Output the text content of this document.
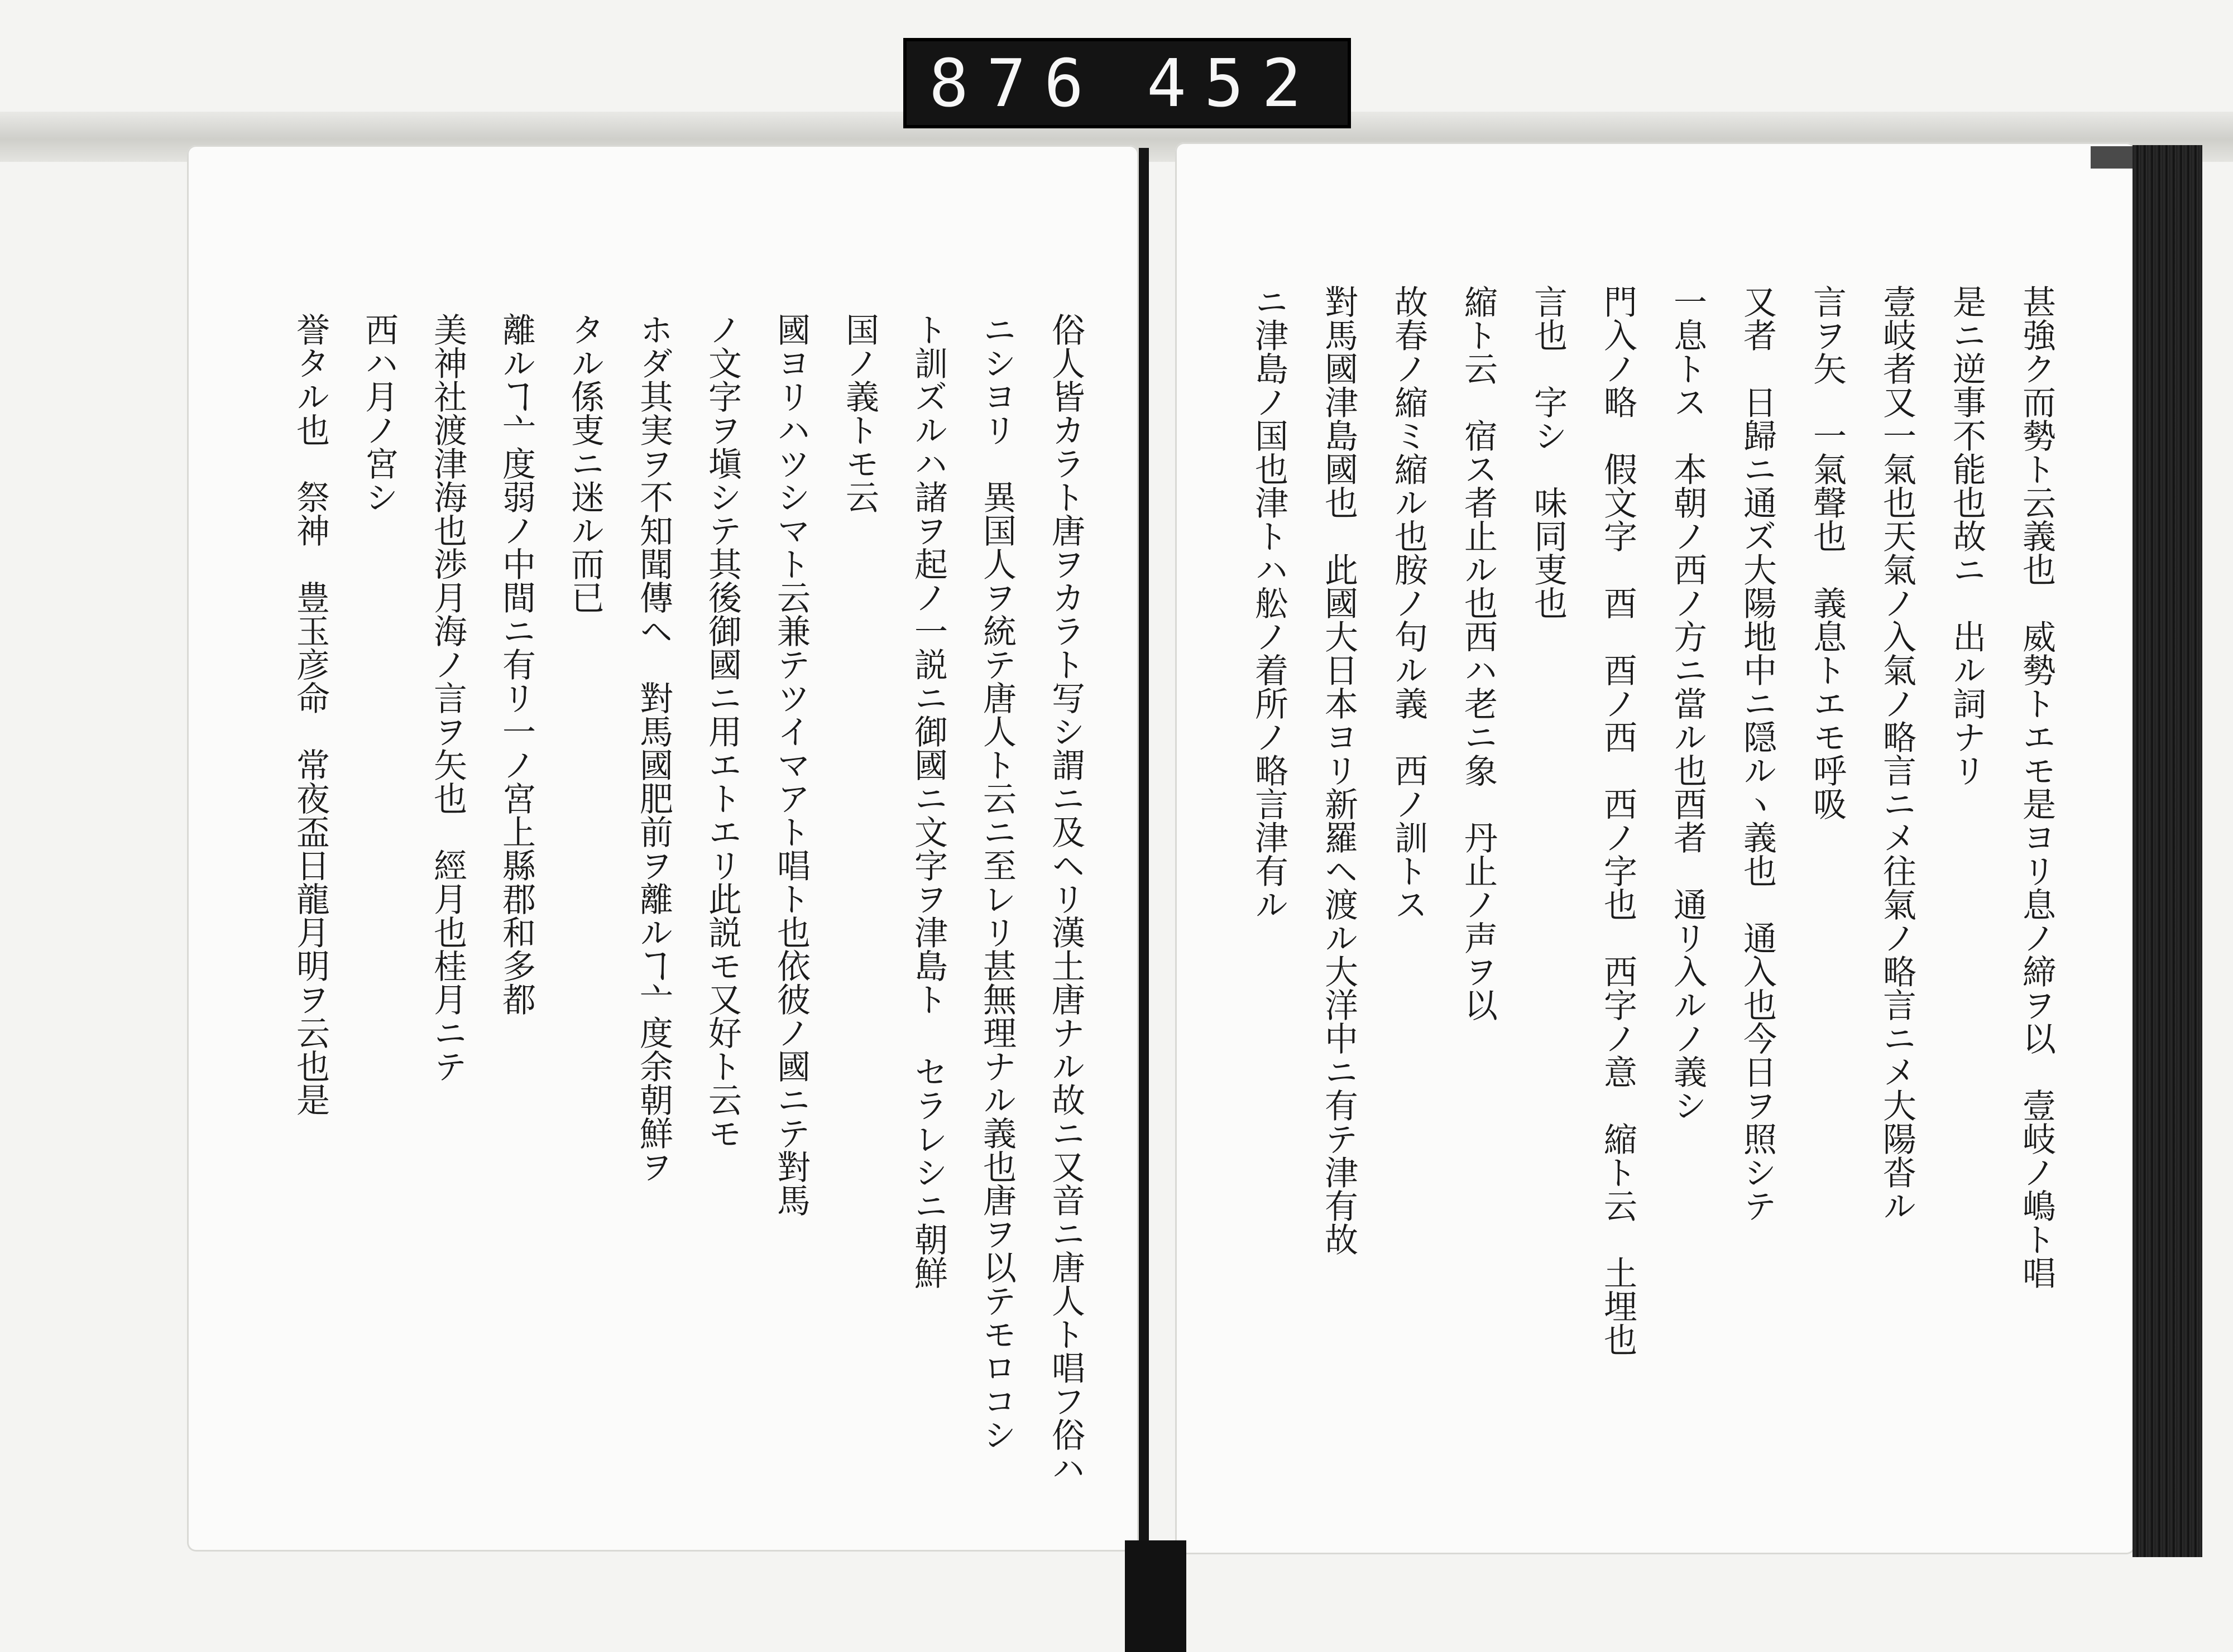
876 452
俗人皆カラト唐ヲカラト写シ謂ニ及ヘリ漢土唐ナル故ニ又音ニ唐人ト唱フ俗ハ
ニシヨリ　異国人ヲ統テ唐人ト云ニ至レリ甚無理ナル義也唐ヲ以テモロコシ
ト訓ズルハ諸ヲ起ノ一説ニ御國ニ文字ヲ津島ト セラレシニ朝鮮
国ノ義トモ云
國ヨリハツシマト云兼テツイマアト唱ト也依彼ノ國ニテ對馬
ノ文字ヲ塡シテ其後御國ニ用エトエリ此説モ又好ト云モ
ホダ其実ヲ不知聞傳ヘ　對馬國肥前ヲ離ルヿ亠度余朝鮮ヲ
タル係叓ニ迷ル而已
離ルヿ亠度弱ノ中間ニ有リ一ノ宮上縣郡和多都
美神社渡津海也渉月海ノ言ヲ矢也　經月也桂月ニテ
西ハ月ノ宮シ
誉タル也　祭神　豊玉彦命　常夜盃日龍月明ヲ云也是

甚強ク而勢ト云義也　威勢トエモ是ヨリ息ノ締ヲ以　壹岐ノ嶋ト唱
是ニ逆事不能也故ニ　出ル詞ナリ
壹岐者又一氣也天氣ノ入氣ノ略言ニメ往氣ノ略言ニメ大陽沓ル
言ヲ矢　一氣聲也　義息トエモ呼吸
又者　日歸ニ通ズ大陽地中ニ隠ルヽ義也　通入也今日ヲ照シテ
一息トス　本朝ノ西ノ方ニ當ル也酉者　通リ入ルノ義シ
門入ノ略　假文字　酉　酉ノ西　西ノ字也　西字ノ意　縮ト云　土埋也
言也　字シ　味同叓也
縮ト云　宿ス者止ル也西ハ老ニ象　丹止ノ声ヲ以
故春ノ縮ミ縮ル也胺ノ句ル義　西ノ訓トス
對馬國津島國也　此國大日本ヨリ新羅ヘ渡ル大洋中ニ有テ津有故
ニ津島ノ国也津トハ舩ノ着所ノ略言津有ル
